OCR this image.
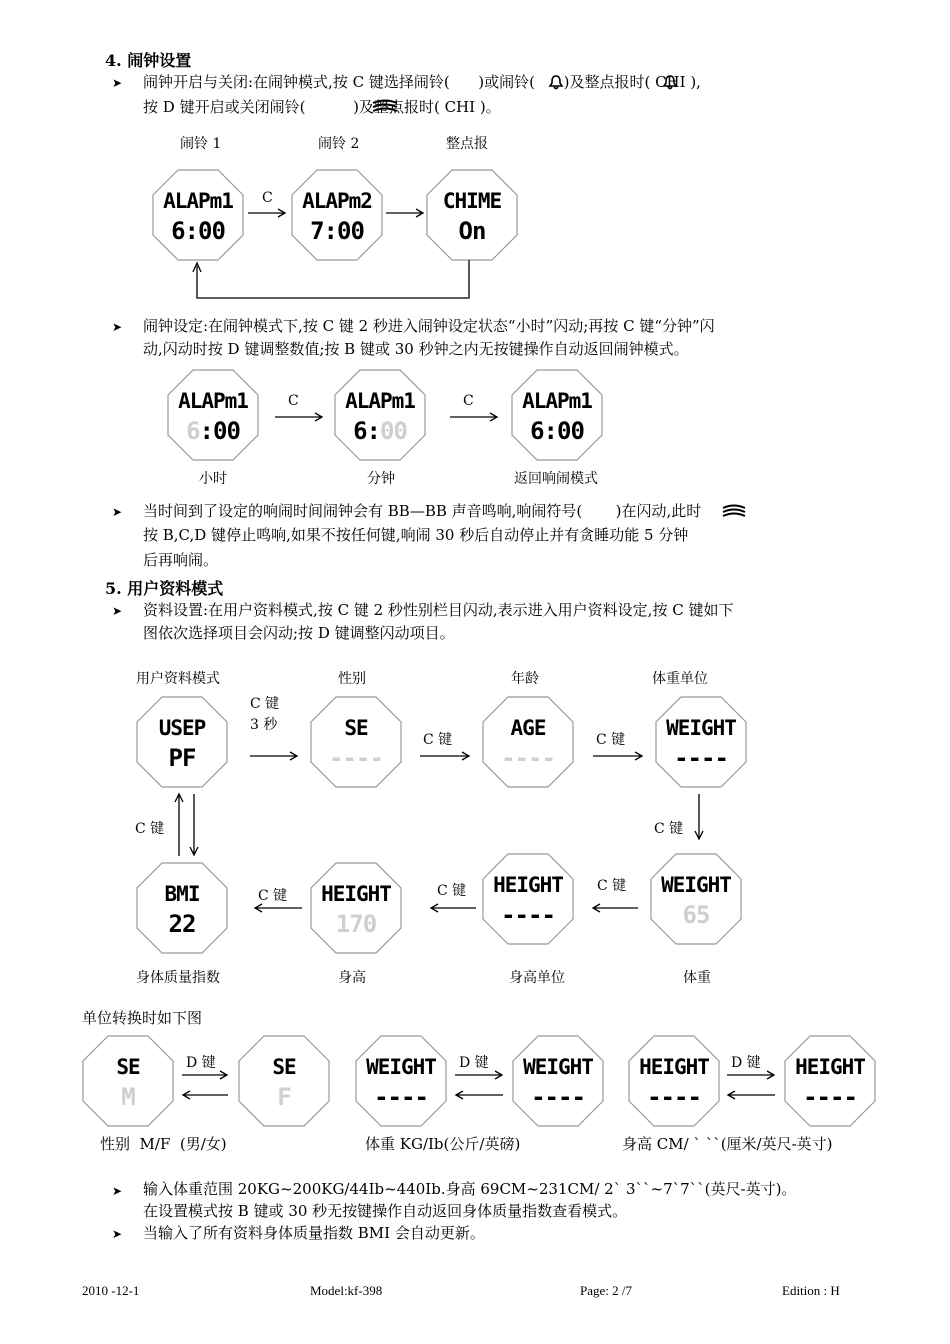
4. 闹钟设置
➤ 闹钟开启与关闭:在闹钟模式,按 C 键选择闹铃(      )或闹铃(      )及整点报时( CHI ),
按 D 键开启或关闭闹铃(          )及整点报时( CHI )。
闹铃 1	闹铃 2	整点报
ALAPm1
6:00
C	ALAPm2
7:00
CHIME
On
➤ 闹钟设定:在闹钟模式下,按 C 键 2 秒进入闹钟设定状态“小时”闪动;再按 C 键“分钟”闪
动,闪动时按 D 键调整数值;按 B 键或 30 秒钟之内无按键操作自动返回闹钟模式。
ALAPm1
6:00
C	ALAPm1
6:00
C	ALAPm1
6:00
小时	分钟	返回响闹模式
➤ 当时间到了设定的响闹时间闹钟会有 BB—BB 声音鸣响,响闹符号(       )在闪动,此时
按 B,C,D 键停止鸣响,如果不按任何键,响闹 30 秒后自动停止并有贪睡功能 5 分钟
后再响闹。
5. 用户资料模式
➤ 资料设置:在用户资料模式,按 C 键 2 秒性别栏目闪动,表示进入用户资料设定,按 C 键如下
图依次选择项目会闪动;按 D 键调整闪动项目。
用户资料模式	性别	年龄	体重单位
USEP
PF
C 键
3 秒	SE
----
C 键	AGE
----
C 键	WEIGHT
----
C 键	C 键
BMI
22
C 键	HEIGHT
170
C 键	HEIGHT
----
C 键	WEIGHT
65
身体质量指数	身高	身高单位	体重
单位转换时如下图
SE
M
D 键	SE
F
WEIGHT
----
D 键	WEIGHT
----
HEIGHT
----
D 键	HEIGHT
----
性别  M/F  (男/女)	体重 KG/Ib(公斤/英磅)	身高 CM/ ` ``(厘米/英尺-英寸)
➤ 输入体重范围 20KG~200KG/44Ib~440Ib.身高 69CM~231CM/ 2` 3``~7`7``(英尺-英寸)。
在设置模式按 B 键或 30 秒无按键操作自动返回身体质量指数查看模式。
➤ 当输入了所有资料身体质量指数 BMI 会自动更新。
2010 -12-1	Model:kf-398	Page: 2 /7	Edition : H
